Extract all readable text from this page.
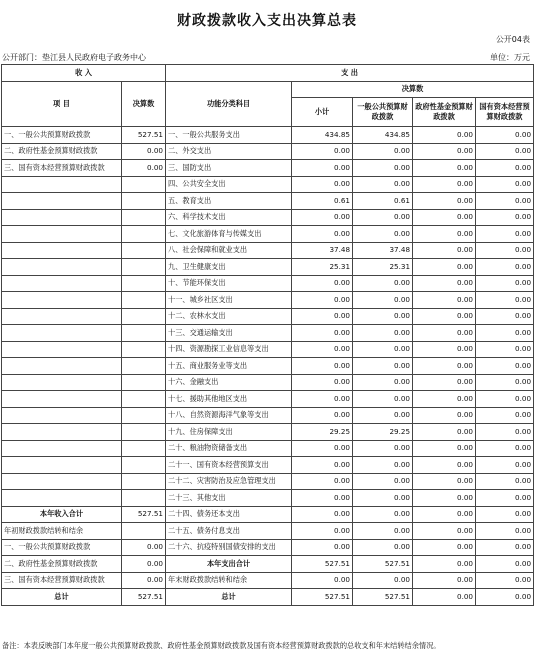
财政拨款收入支出决算总表
公开04表
公开部门：垫江县人民政府电子政务中心	单位：万元
收 入		支 出				
项 目	决算数	功能分类科目	决算数			
			小计	一般公共预算财政拨款	政府性基金预算财政拨款	国有资本经营预算财政拨款
一、一般公共预算财政拨款	527.51	一、一般公共服务支出	434.85	434.85	0.00	0.00
二、政府性基金预算财政拨款	0.00	二、外交支出	0.00	0.00	0.00	0.00
三、国有资本经营预算财政拨款	0.00	三、国防支出	0.00	0.00	0.00	0.00
		四、公共安全支出	0.00	0.00	0.00	0.00
		五、教育支出	0.61	0.61	0.00	0.00
		六、科学技术支出	0.00	0.00	0.00	0.00
		七、文化旅游体育与传媒支出	0.00	0.00	0.00	0.00
		八、社会保障和就业支出	37.48	37.48	0.00	0.00
		九、卫生健康支出	25.31	25.31	0.00	0.00
		十、节能环保支出	0.00	0.00	0.00	0.00
		十一、城乡社区支出	0.00	0.00	0.00	0.00
		十二、农林水支出	0.00	0.00	0.00	0.00
		十三、交通运输支出	0.00	0.00	0.00	0.00
		十四、资源勘探工业信息等支出	0.00	0.00	0.00	0.00
		十五、商业服务业等支出	0.00	0.00	0.00	0.00
		十六、金融支出	0.00	0.00	0.00	0.00
		十七、援助其他地区支出	0.00	0.00	0.00	0.00
		十八、自然资源海洋气象等支出	0.00	0.00	0.00	0.00
		十九、住房保障支出	29.25	29.25	0.00	0.00
		二十、粮油物资储备支出	0.00	0.00	0.00	0.00
		二十一、国有资本经营预算支出	0.00	0.00	0.00	0.00
		二十二、灾害防治及应急管理支出	0.00	0.00	0.00	0.00
		二十三、其他支出	0.00	0.00	0.00	0.00
本年收入合计	527.51	二十四、债务还本支出	0.00	0.00	0.00	0.00
年初财政拨款结转和结余		二十五、债务付息支出	0.00	0.00	0.00	0.00
一、一般公共预算财政拨款	0.00	二十六、抗疫特别国债安排的支出	0.00	0.00	0.00	0.00
二、政府性基金预算财政拨款	0.00	本年支出合计	527.51	527.51	0.00	0.00
三、国有资本经营预算财政拨款	0.00	年末财政拨款结转和结余	0.00	0.00	0.00	0.00
总计	527.51	总计	527.51	527.51	0.00	0.00
备注：本表反映部门本年度一般公共预算财政拨款、政府性基金预算财政拨款及国有资本经营预算财政拨款的总收支和年末结转结余情况。
